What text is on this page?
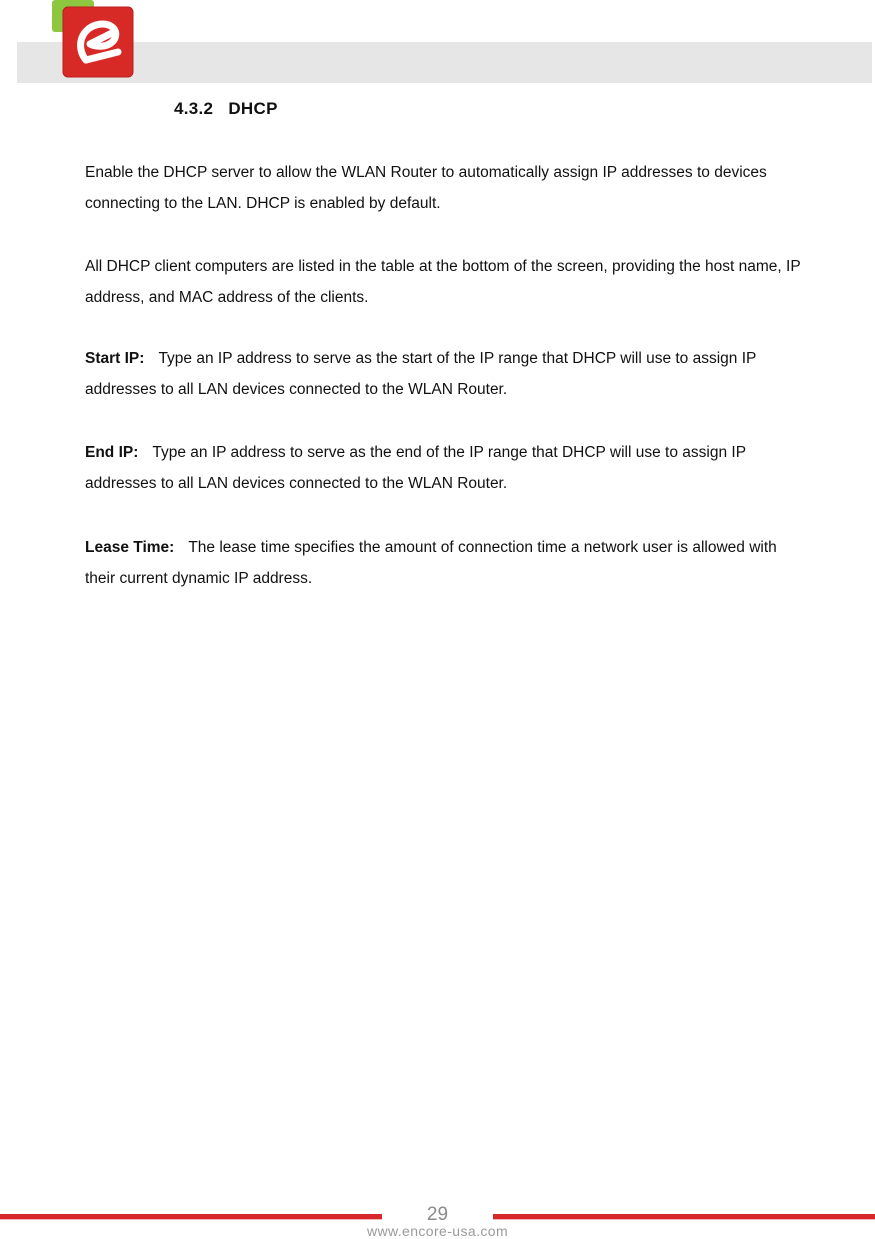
4.3.2 DHCP

Enable the DHCP server to allow the WLAN Router to automatically assign IP addresses to devices connecting to the LAN. DHCP is enabled by default.

All DHCP client computers are listed in the table at the bottom of the screen, providing the host name, IP address, and MAC address of the clients.

Start IP: Type an IP address to serve as the start of the IP range that DHCP will use to assign IP addresses to all LAN devices connected to the WLAN Router.

End IP: Type an IP address to serve as the end of the IP range that DHCP will use to assign IP addresses to all LAN devices connected to the WLAN Router.

Lease Time: The lease time specifies the amount of connection time a network user is allowed with their current dynamic IP address.

29
www.encore-usa.com
